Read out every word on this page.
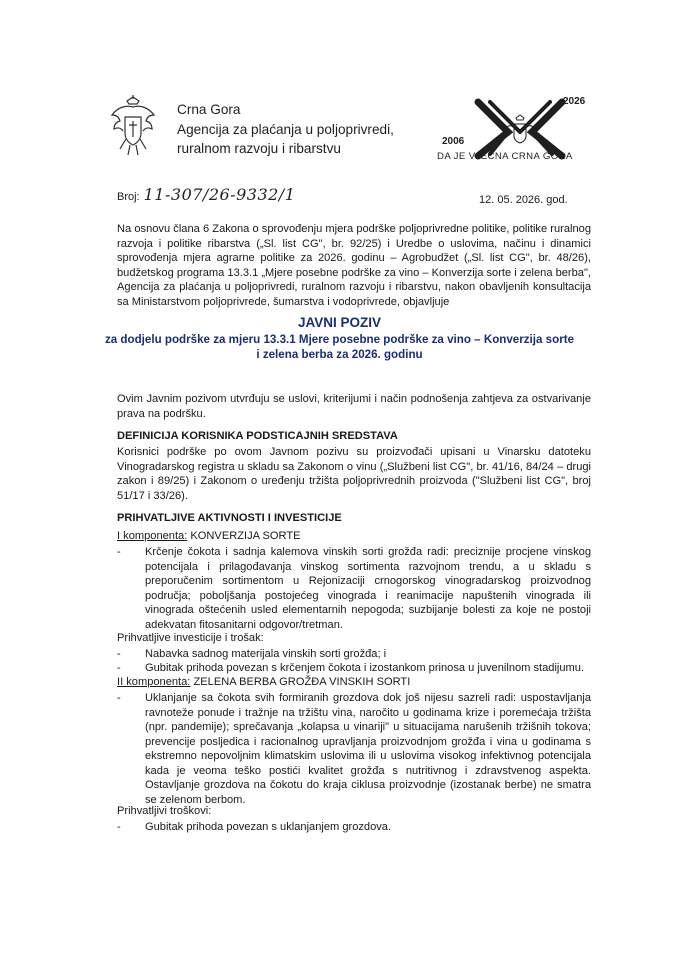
Crna Gora
Agencija za plaćanja u poljoprivredi,
ruralnom razvoju i ribarstvu
2026
2006
DA JE VJEČNA CRNA GORA
Broj: 11-307/26-9332/1	12. 05. 2026. god.
Na osnovu člana 6 Zakona o sprovođenju mjera podrške poljoprivredne politike, politike ruralnog razvoja i politike ribarstva („Sl. list CG", br. 92/25) i Uredbe o uslovima, načinu i dinamici sprovođenja mjera agrarne politike za 2026. godinu – Agrobudžet („Sl. list CG", br. 48/26), budžetskog programa 13.3.1 „Mjere posebne podrške za vino – Konverzija sorte i zelena berba", Agencija za plaćanja u poljoprivredi, ruralnom razvoju i ribarstvu, nakon obavljenih konsultacija sa Ministarstvom poljoprivrede, šumarstva i vodoprivrede, objavljuje
JAVNI POZIV
za dodjelu podrške za mjeru 13.3.1 Mjere posebne podrške za vino – Konverzija sorte i zelena berba za 2026. godinu
Ovim Javnim pozivom utvrđuju se uslovi, kriterijumi i način podnošenja zahtjeva za ostvarivanje prava na podršku.
DEFINICIJA KORISNIKA PODSTICAJNIH SREDSTAVA
Korisnici podrške po ovom Javnom pozivu su proizvođači upisani u Vinarsku datoteku Vinogradarskog registra u skladu sa Zakonom o vinu („Službeni list CG", br. 41/16, 84/24 – drugi zakon i 89/25) i Zakonom o uređenju tržišta poljoprivrednih proizvoda ("Službeni list CG", broj 51/17 i 33/26).
PRIHVATLJIVE AKTIVNOSTI I INVESTICIJE
I komponenta: KONVERZIJA SORTE
-	Krčenje čokota i sadnja kalemova vinskih sorti grožđa radi: preciznije procjene vinskog potencijala i prilagođavanja vinskog sortimenta razvojnom trendu, a u skladu s preporučenim sortimentom u Rejonizaciji crnogorskog vinogradarskog proizvodnog područja; poboljšanja postojećeg vinograda i reanimacije napuštenih vinograda ili vinograda oštećenih usled elementarnih nepogoda; suzbijanje bolesti za koje ne postoji adekvatan fitosanitarni odgovor/tretman.
Prihvatljive investicije i trošak:
-	Nabavka sadnog materijala vinskih sorti grožđa; i
-	Gubitak prihoda povezan s krčenjem čokota i izostankom prinosa u juvenilnom stadijumu.
II komponenta: ZELENA BERBA GROŽĐA VINSKIH SORTI
-	Uklanjanje sa čokota svih formiranih grozdova dok još nijesu sazreli radi: uspostavljanja ravnoteže ponude i tražnje na tržištu vina, naročito u godinama krize i poremećaja tržišta (npr. pandemije); sprečavanja „kolapsa u vinariji" u situacijama narušenih tržišnih tokova; prevencije posljedica i racionalnog upravljanja proizvodnjom grožđa i vina u godinama s ekstremno nepovoljnim klimatskim uslovima ili u uslovima visokog infektivnog potencijala kada je veoma teško postići kvalitet grožđa s nutritivnog i zdravstvenog aspekta. Ostavljanje grozdova na čokotu do kraja ciklusa proizvodnje (izostanak berbe) ne smatra se zelenom berbom.
Prihvatljivi troškovi:
-	Gubitak prihoda povezan s uklanjanjem grozdova.
